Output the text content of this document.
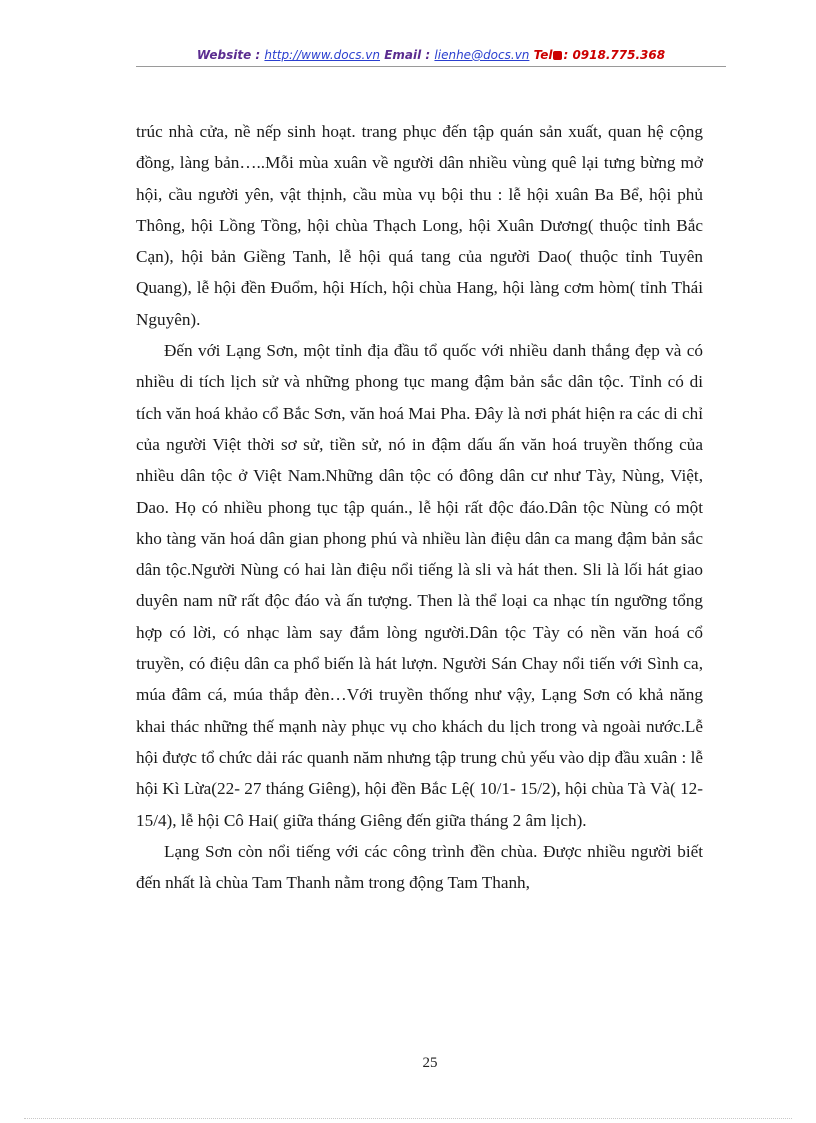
Website : http://www.docs.vn Email : lienhe@docs.vn Tel : 0918.775.368

trúc nhà cửa, nề nếp sinh hoạt. trang phục đến tập quán sản xuất, quan hệ cộng đồng, làng bản…..Mỗi mùa xuân về người dân nhiều vùng quê lại tưng bừng mở hội, cầu người yên, vật thịnh, cầu mùa vụ bội thu : lễ hội xuân Ba Bể, hội phủ Thông, hội Lồng Tồng, hội chùa Thạch Long, hội Xuân Dương( thuộc tỉnh Bắc Cạn), hội bản Giềng Tanh, lễ hội quá tang của người Dao( thuộc tỉnh Tuyên Quang), lễ hội đền Đuổm, hội Hích, hội chùa Hang, hội làng cơm hòm( tỉnh Thái Nguyên).

Đến với Lạng Sơn, một tỉnh địa đầu tổ quốc với nhiều danh thắng đẹp và có nhiều di tích lịch sử và những phong tục mang đậm bản sắc dân tộc. Tỉnh có di tích văn hoá khảo cổ Bắc Sơn, văn hoá Mai Pha. Đây là nơi phát hiện ra các di chỉ của người Việt thời sơ sử, tiền sử, nó in đậm dấu ấn văn hoá truyền thống của nhiều dân tộc ở Việt Nam.Những dân tộc có đông dân cư như Tày, Nùng, Việt, Dao. Họ có nhiều phong tục tập quán., lễ hội rất độc đáo.Dân tộc Nùng có một kho tàng văn hoá dân gian phong phú và nhiều làn điệu dân ca mang đậm bản sắc dân tộc.Người Nùng có hai làn điệu nổi tiếng là sli và hát then. Sli là lối hát giao duyên nam nữ rất độc đáo và ấn tượng. Then là thể loại ca nhạc tín ngưỡng tổng hợp có lời, có nhạc làm say đắm lòng người.Dân tộc Tày có nền văn hoá cổ truyền, có điệu dân ca phổ biến là hát lượn. Người Sán Chay nổi tiến với Sình ca, múa đâm cá, múa thắp đèn…Với truyền thống như vậy, Lạng Sơn có khả năng khai thác những thế mạnh này phục vụ cho khách du lịch trong và ngoài nước.Lễ hội được tổ chức dải rác quanh năm nhưng tập trung chủ yếu vào dịp đầu xuân : lễ hội Kì Lừa(22- 27 tháng Giêng), hội đền Bắc Lệ( 10/1- 15/2), hội chùa Tà Và( 12-15/4), lễ hội Cô Hai( giữa tháng Giêng đến giữa tháng 2 âm lịch).

Lạng Sơn còn nổi tiếng với các công trình đền chùa. Được nhiều người biết đến nhất là chùa Tam Thanh nằm trong động Tam Thanh,

25
